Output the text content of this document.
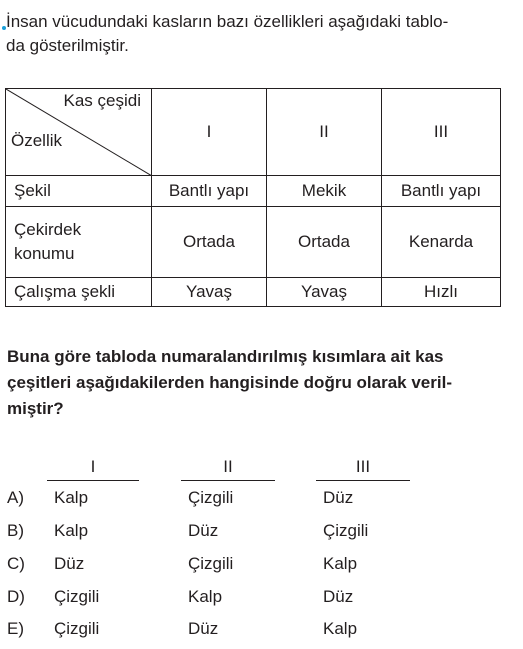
İnsan vücudundaki kasların bazı özellikleri aşağıdaki tablo-
da gösterilmiştir.
Kas çeşidi
Özellik	I	II	III
Şekil	Bantlı yapı	Mekik	Bantlı yapı

Çekirdek
konumu	Ortada	Ortada	Kenarda
Çalışma şekli	Yavaş	Yavaş	Hızlı
Buna göre tabloda numaralandırılmış kısımlara ait kas
çeşitleri aşağıdakilerden hangisinde doğru olarak veril-
miştir?
I	II	III
A) Kalp	Çizgili	Düz
B) Kalp	Düz	Çizgili
C) Düz	Çizgili	Kalp
D) Çizgili	Kalp	Düz
E) Çizgili	Düz	Kalp
